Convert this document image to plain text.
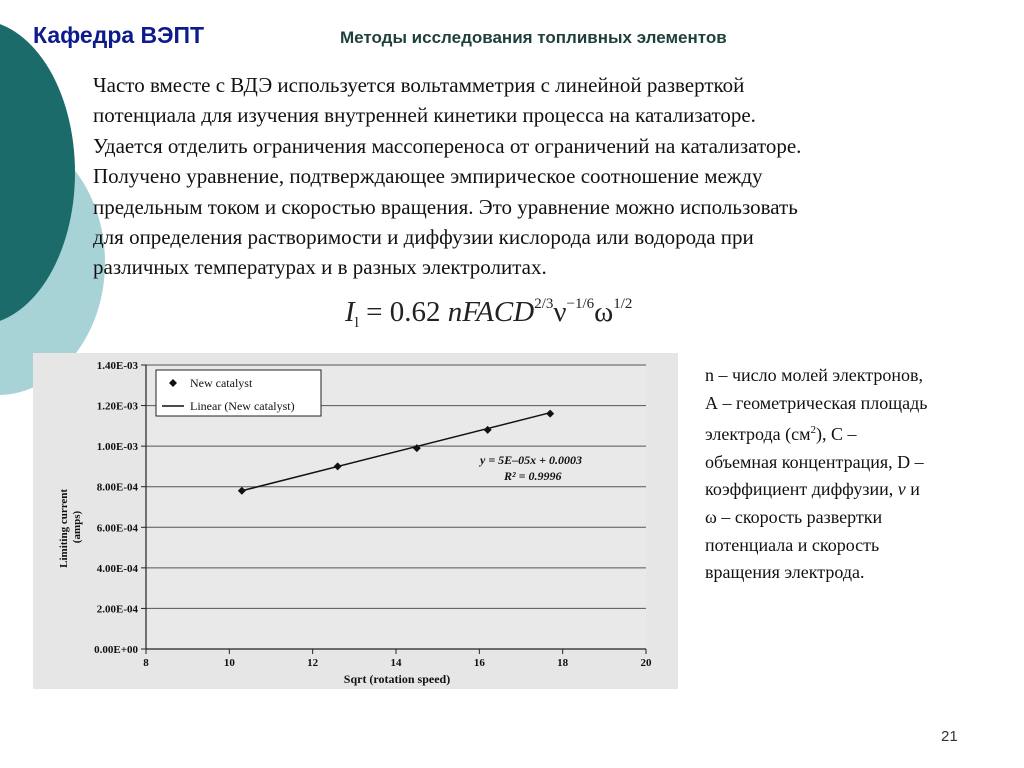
Кафедра ВЭПТ	Методы исследования топливных элементов
Часто вместе с ВДЭ используется вольтамметрия с линейной разверткой
потенциала для изучения внутренней кинетики процесса на катализаторе.
Удается отделить ограничения массопереноса от ограничений на катализаторе.
Получено уравнение, подтверждающее эмпирическое соотношение между
предельным током и скоростью вращения. Это уравнение можно использовать
для определения растворимости и диффузии кислорода или водорода при
различных температурах и в разных электролитах.
$I_l = 0.62$ $nFACD^{2/3}\nu^{-1/6}\omega^{1/2}$
0.00E+00
2.00E-04
4.00E-04
6.00E-04
8.00E-04
1.00E-03
1.20E-03
1.40E-03
8	10	12	14	16	18	20
New catalyst
Linear (New catalyst)
y = 5E–05x + 0.0003
R² = 0.9996
Sqrt (rotation speed)
Limiting current (amps)
n – число молей электронов,
А – геометрическая площадь
электрода $(см^2)$, С –
объемная концентрация, D –
коэффициент диффузии, ν и
ω – скорость развертки
потенциала и скорость
вращения электрода.
21
